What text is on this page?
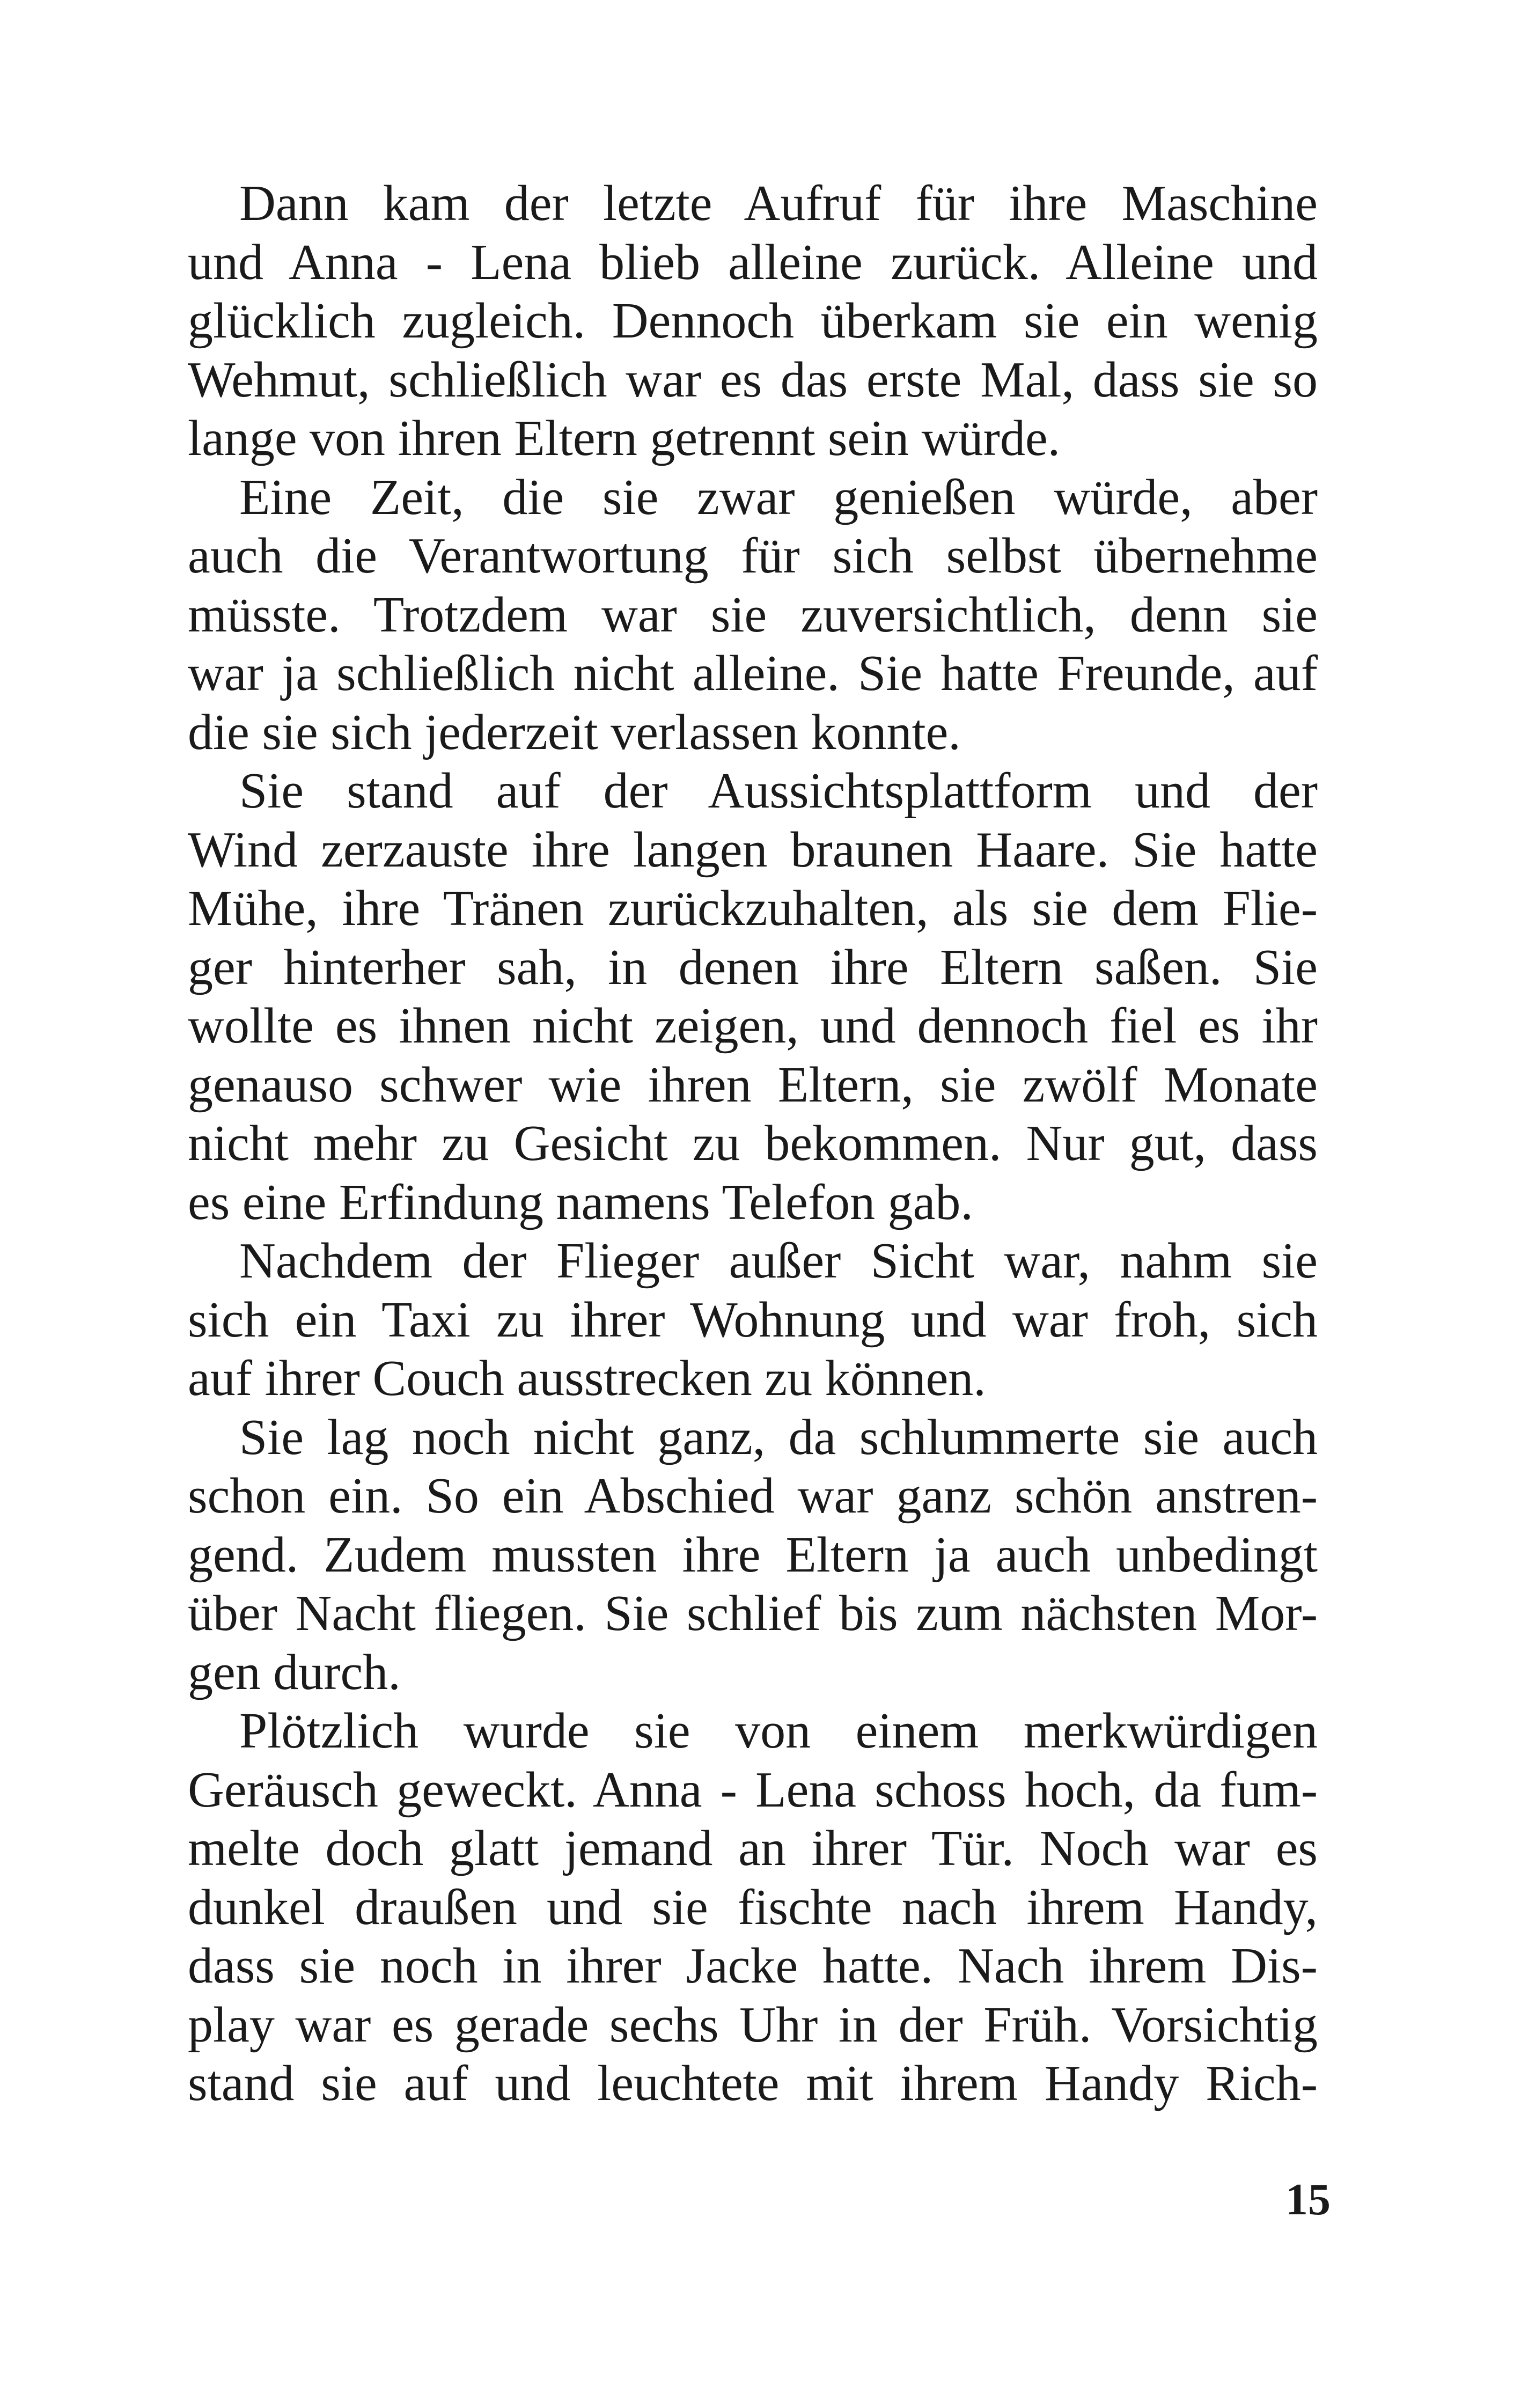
Dann kam der letzte Aufruf für ihre Maschine
und Anna - Lena blieb alleine zurück. Alleine und
glücklich zugleich. Dennoch überkam sie ein wenig
Wehmut, schließlich war es das erste Mal, dass sie so
lange von ihren Eltern getrennt sein würde.

Eine Zeit, die sie zwar genießen würde, aber
auch die Verantwortung für sich selbst übernehme
müsste. Trotzdem war sie zuversichtlich, denn sie
war ja schließlich nicht alleine. Sie hatte Freunde, auf
die sie sich jederzeit verlassen konnte.

Sie stand auf der Aussichtsplattform und der
Wind zerzauste ihre langen braunen Haare. Sie hatte
Mühe, ihre Tränen zurückzuhalten, als sie dem Flie-
ger hinterher sah, in denen ihre Eltern saßen. Sie
wollte es ihnen nicht zeigen, und dennoch fiel es ihr
genauso schwer wie ihren Eltern, sie zwölf Monate
nicht mehr zu Gesicht zu bekommen. Nur gut, dass
es eine Erfindung namens Telefon gab.

Nachdem der Flieger außer Sicht war, nahm sie
sich ein Taxi zu ihrer Wohnung und war froh, sich
auf ihrer Couch ausstrecken zu können.

Sie lag noch nicht ganz, da schlummerte sie auch
schon ein. So ein Abschied war ganz schön anstren-
gend. Zudem mussten ihre Eltern ja auch unbedingt
über Nacht fliegen. Sie schlief bis zum nächsten Mor-
gen durch.

Plötzlich wurde sie von einem merkwürdigen
Geräusch geweckt. Anna - Lena schoss hoch, da fum-
melte doch glatt jemand an ihrer Tür. Noch war es
dunkel draußen und sie fischte nach ihrem Handy,
dass sie noch in ihrer Jacke hatte. Nach ihrem Dis-
play war es gerade sechs Uhr in der Früh. Vorsichtig
stand sie auf und leuchtete mit ihrem Handy Rich-

15
